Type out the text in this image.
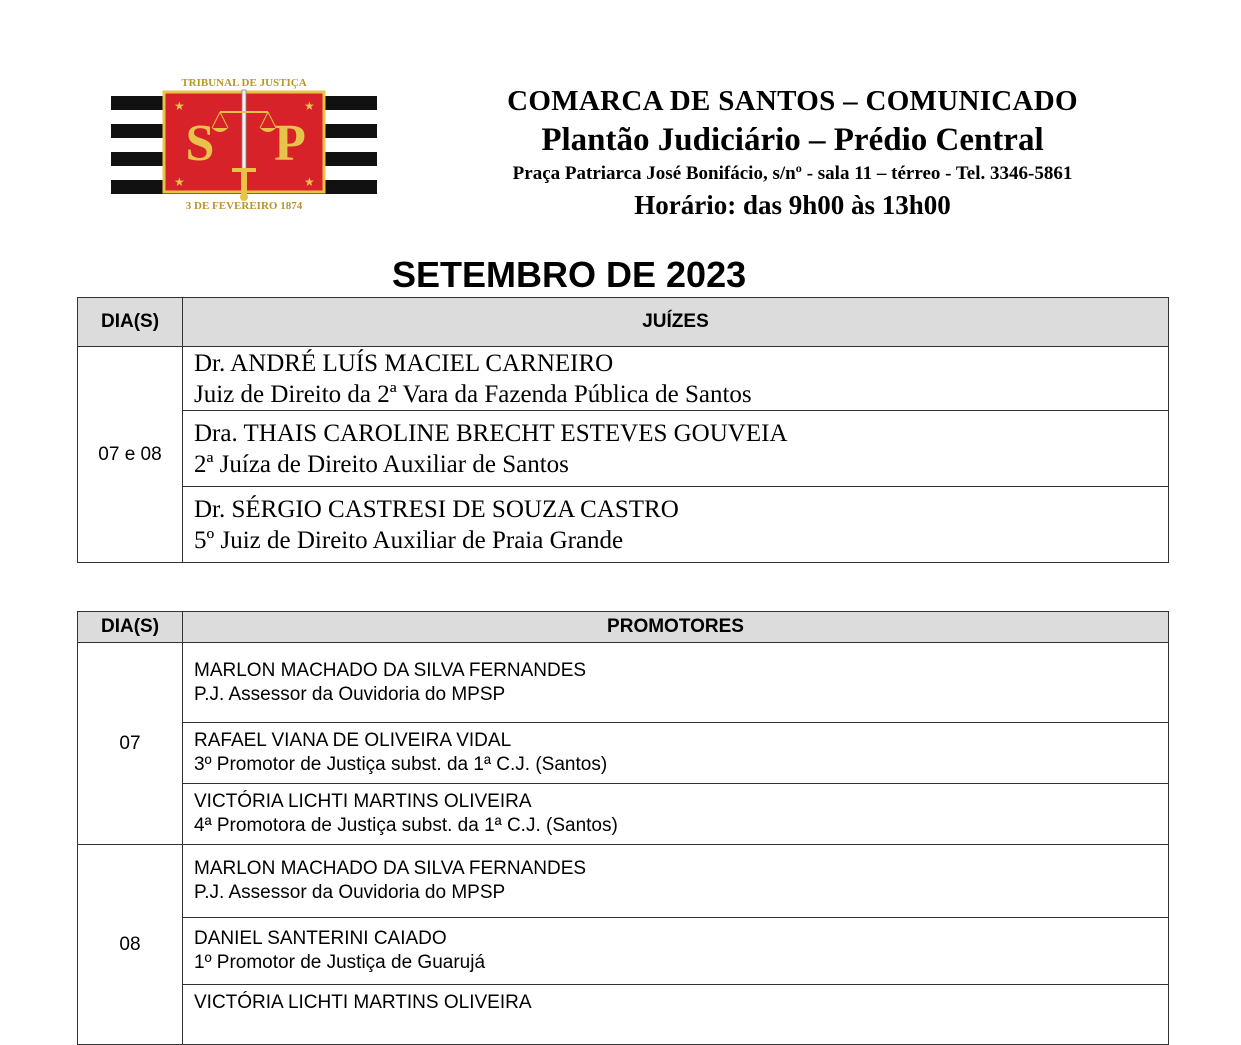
S P
★	★
★	★
TRIBUNAL DE JUSTIÇA
3 DE FEVEREIRO 1874
COMARCA DE SANTOS – COMUNICADO
Plantão Judiciário – Prédio Central
Praça Patriarca José Bonifácio, s/nº - sala 11 – térreo - Tel. 3346-5861
Horário: das 9h00 às 13h00
SETEMBRO DE 2023
DIA(S)	JUÍZES
07 e 08	Dr. ANDRÉ LUÍS MACIEL CARNEIRO
Juiz de Direito da 2ª Vara da Fazenda Pública de Santos

	Dra. THAIS CAROLINE BRECHT ESTEVES GOUVEIA
2ª Juíza de Direito Auxiliar de Santos

	Dr. SÉRGIO CASTRESI DE SOUZA CASTRO
5º Juiz de Direito Auxiliar de Praia Grande
DIA(S)	PROMOTORES
07	MARLON MACHADO DA SILVA FERNANDES
P.J. Assessor da Ouvidoria do MPSP

	RAFAEL VIANA DE OLIVEIRA VIDAL
3º Promotor de Justiça subst. da 1ª C.J. (Santos)

	VICTÓRIA LICHTI MARTINS OLIVEIRA
4ª Promotora de Justiça subst. da 1ª C.J. (Santos)

08	MARLON MACHADO DA SILVA FERNANDES
P.J. Assessor da Ouvidoria do MPSP

	DANIEL SANTERINI CAIADO
1º Promotor de Justiça de Guarujá

	VICTÓRIA LICHTI MARTINS OLIVEIRA
